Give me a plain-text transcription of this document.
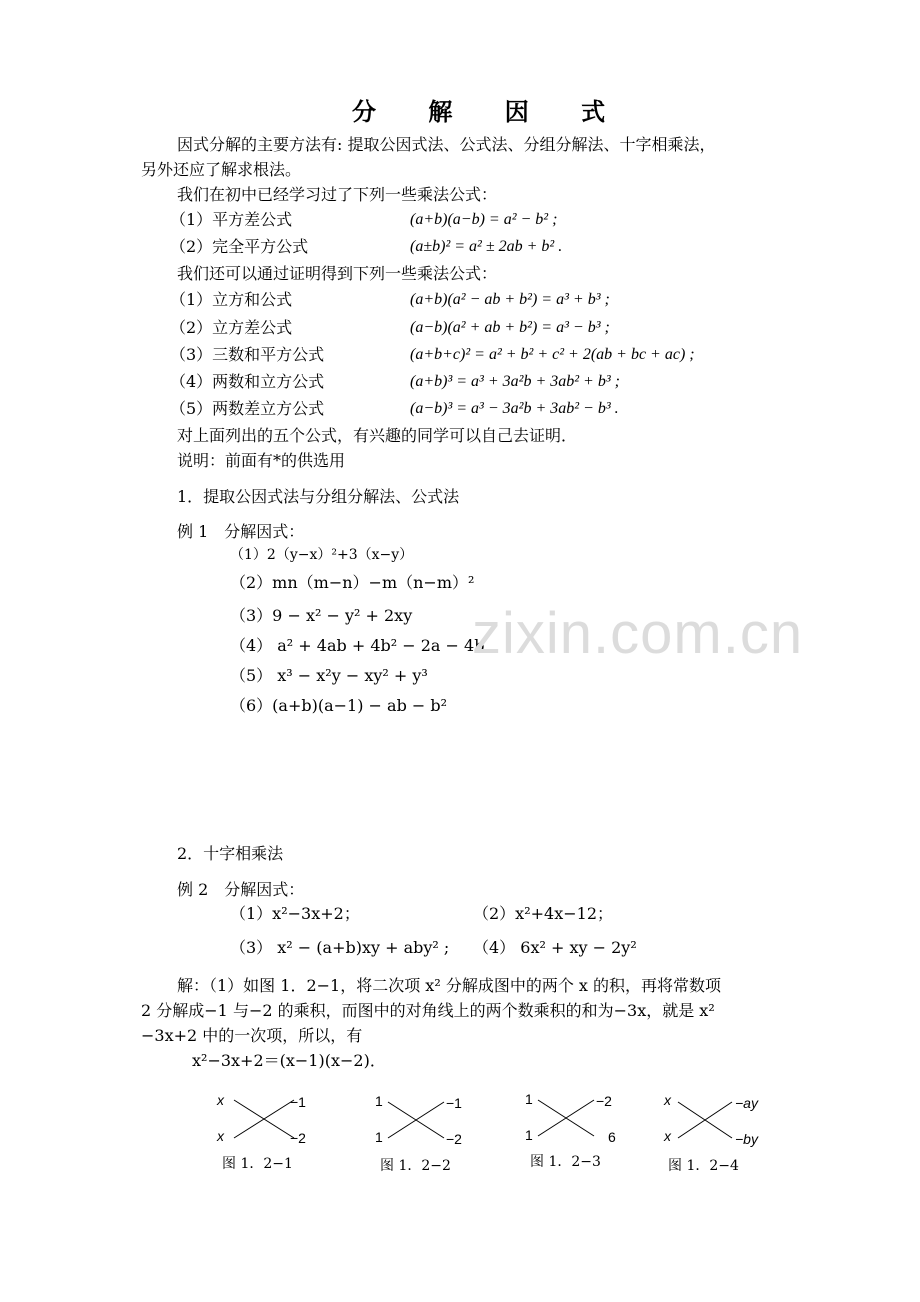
分 解 因 式
因式分解的主要方法有: 提取公因式法、公式法、分组分解法、十字相乘法，
另外还应了解求根法。
我们在初中已经学习过了下列一些乘法公式：
（1）平方差公式	(a+b)(a−b) = a² − b² ;
（2）完全平方公式	(a±b)² = a² ± 2ab + b² .
我们还可以通过证明得到下列一些乘法公式：
（1）立方和公式	(a+b)(a² − ab + b²) = a³ + b³ ;
（2）立方差公式	(a−b)(a² + ab + b²) = a³ − b³ ;
（3）三数和平方公式	(a+b+c)² = a² + b² + c² + 2(ab + bc + ac) ;
（4）两数和立方公式	(a+b)³ = a³ + 3a²b + 3ab² + b³ ;
（5）两数差立方公式	(a−b)³ = a³ − 3a²b + 3ab² − b³ .
对上面列出的五个公式，有兴趣的同学可以自己去证明．
说明：前面有*的供选用
1．提取公因式法与分组分解法、公式法
例 1　分解因式：
（1）2（y−x）²+3（x−y）
（2）mn（m−n）−m（n−m）²
（3）9 − x² − y² + 2xy
（4） a² + 4ab + 4b² − 2a − 4b
（5） x³ − x²y − xy² + y³
（6）(a+b)(a−1) − ab − b²
zixin.com.cn
2．十字相乘法
例 2　分解因式：
（1）x²−3x+2；	（2）x²+4x−12；
（3） x² − (a+b)xy + aby² ; （4） 6x² + xy − 2y²
解：（1）如图 1．2−1，将二次项 x² 分解成图中的两个 x 的积，再将常数项
2 分解成−1 与−2 的乘积，而图中的对角线上的两个数乘积的和为−3x，就是 x²
−3x+2 中的一次项，所以，有
x²−3x+2＝(x−1)(x−2)．
x
x
−1
−2
图 1．2−1
1
1
−1
−2
图 1．2−2
1
1
−2
6
图 1．2−3
x
x
−ay
−by
图 1．2−4
